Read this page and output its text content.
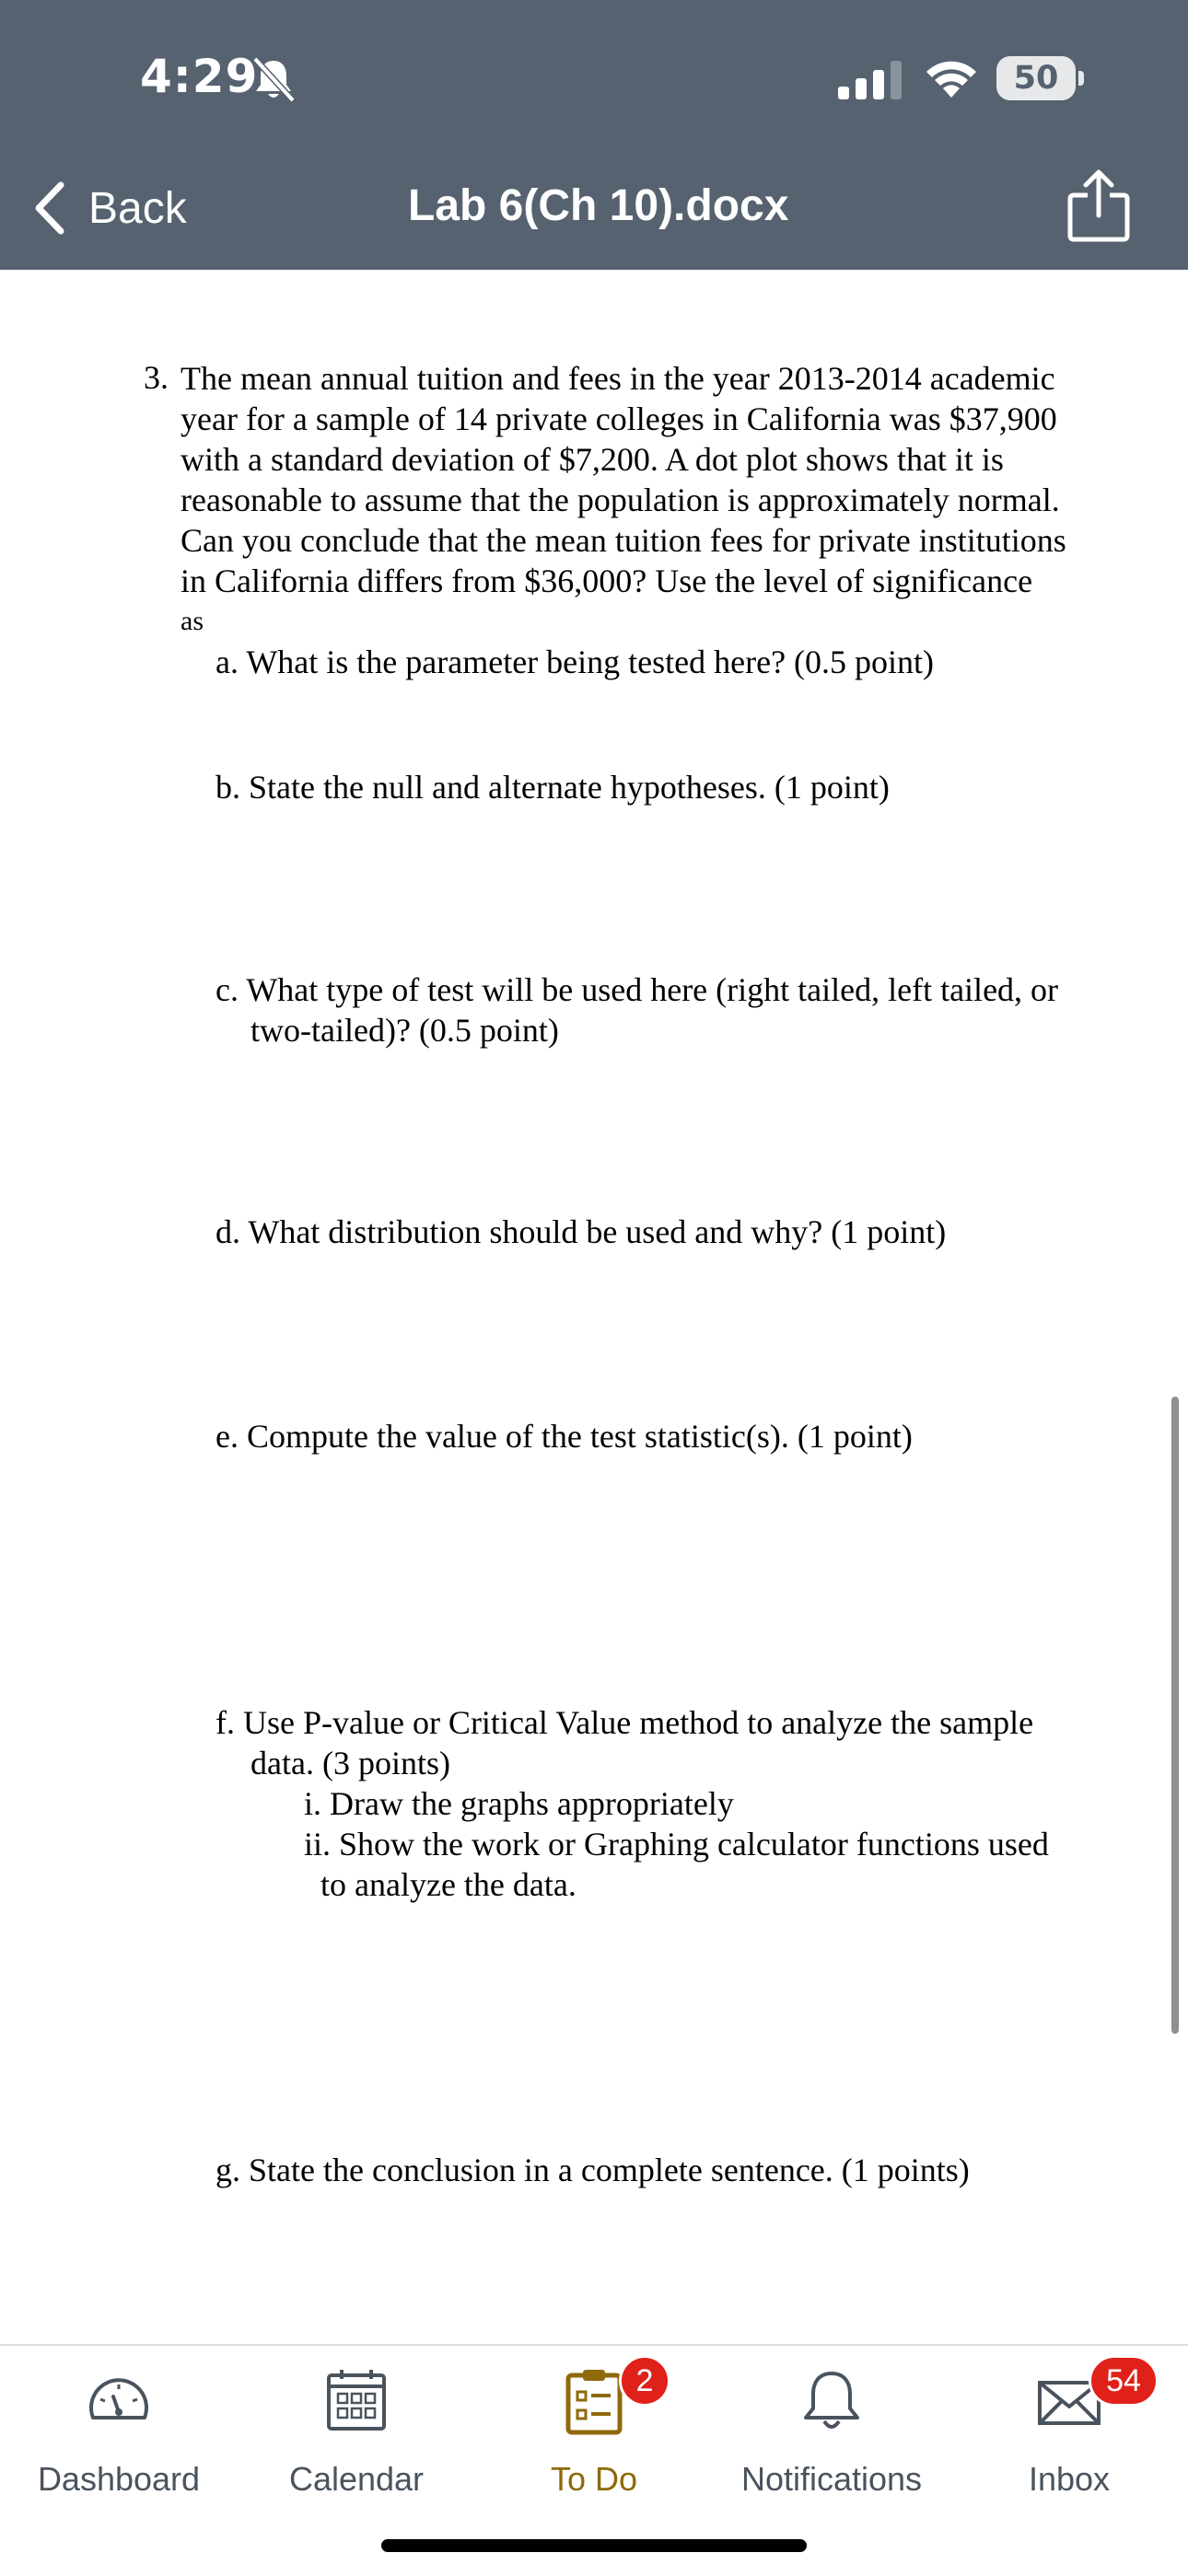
4:29	50
Back	Lab 6(Ch 10).docx
3. The mean annual tuition and fees in the year 2013-2014 academic
year for a sample of 14 private colleges in California was $37,900
with a standard deviation of $7,200. A dot plot shows that it is
reasonable to assume that the population is approximately normal.
Can you conclude that the mean tuition fees for private institutions
in California differs from $36,000? Use the level of significance
as
a. What is the parameter being tested here? (0.5 point)
b. State the null and alternate hypotheses. (1 point)
c. What type of test will be used here (right tailed, left tailed, or
two-tailed)? (0.5 point)
d. What distribution should be used and why? (1 point)
e. Compute the value of the test statistic(s). (1 point)
f. Use P-value or Critical Value method to analyze the sample
data. (3 points)
i. Draw the graphs appropriately
ii. Show the work or Graphing calculator functions used
to analyze the data.
g. State the conclusion in a complete sentence. (1 points)
Dashboard	Calendar
2
To Do	Notifications
54
Inbox
